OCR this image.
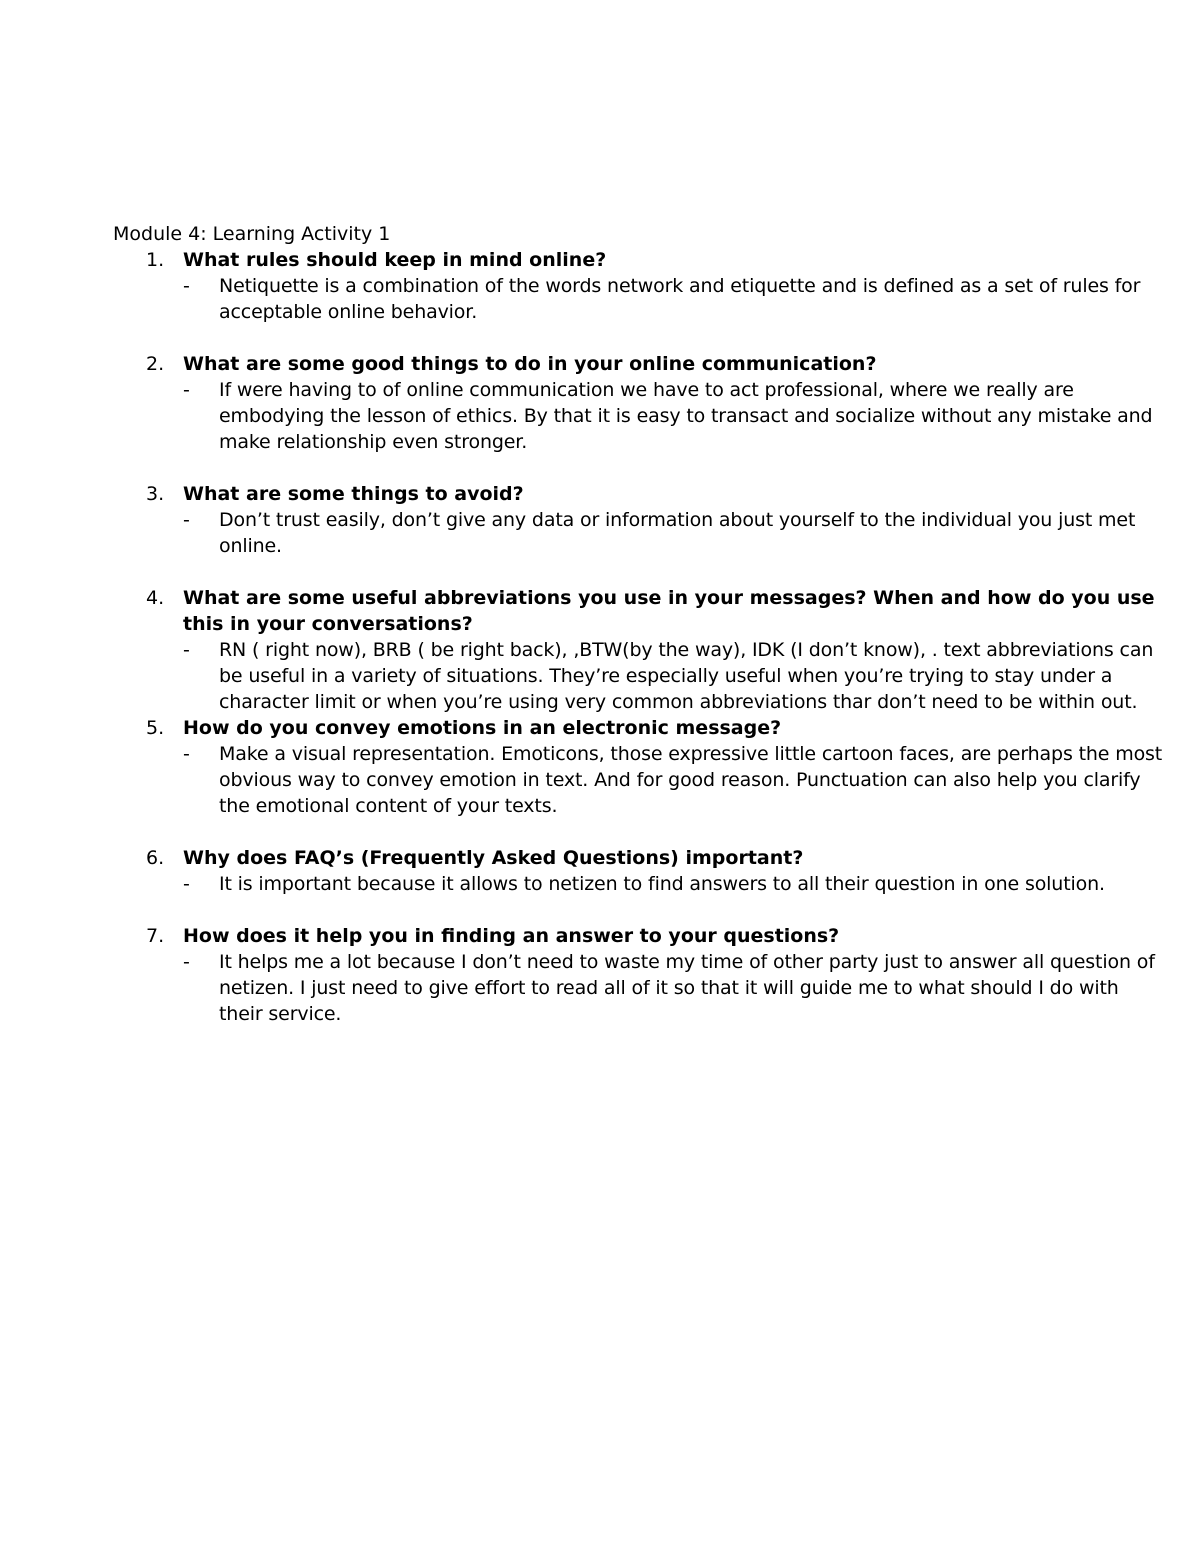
Module 4: Learning Activity 1

1. What rules should keep in mind online?

-	Netiquette is a combination of the words network and etiquette and is defined as a set of rules for acceptable online behavior.

2. What are some good things to do in your online communication?

-	If were having to of online communication we have to act professional, where we really are embodying the lesson of ethics. By that it is easy to transact and socialize without any mistake and make relationship even stronger.

3. What are some things to avoid?

-	Don’t trust easily, don’t give any data or information about yourself to the individual you just met online.

4. What are some useful abbreviations you use in your messages? When and how do you use this in your conversations?

-	RN ( right now), BRB ( be right back), ,BTW(by the way), IDK (I don’t know), . text abbreviations can be useful in a variety of situations. They’re especially useful when you’re trying to stay under a character limit or when you’re using very common abbreviations thar don’t need to be within out.

5. How do you convey emotions in an electronic message?

-	Make a visual representation. Emoticons, those expressive little cartoon faces, are perhaps the most obvious way to convey emotion in text. And for good reason. Punctuation can also help you clarify the emotional content of your texts.

6. Why does FAQ’s (Frequently Asked Questions) important?

-	It is important because it allows to netizen to find answers to all their question in one solution.

7. How does it help you in finding an answer to your questions?

-	It helps me a lot because I don’t need to waste my time of other party just to answer all question of netizen. I just need to give effort to read all of it so that it will guide me to what should I do with their service.
